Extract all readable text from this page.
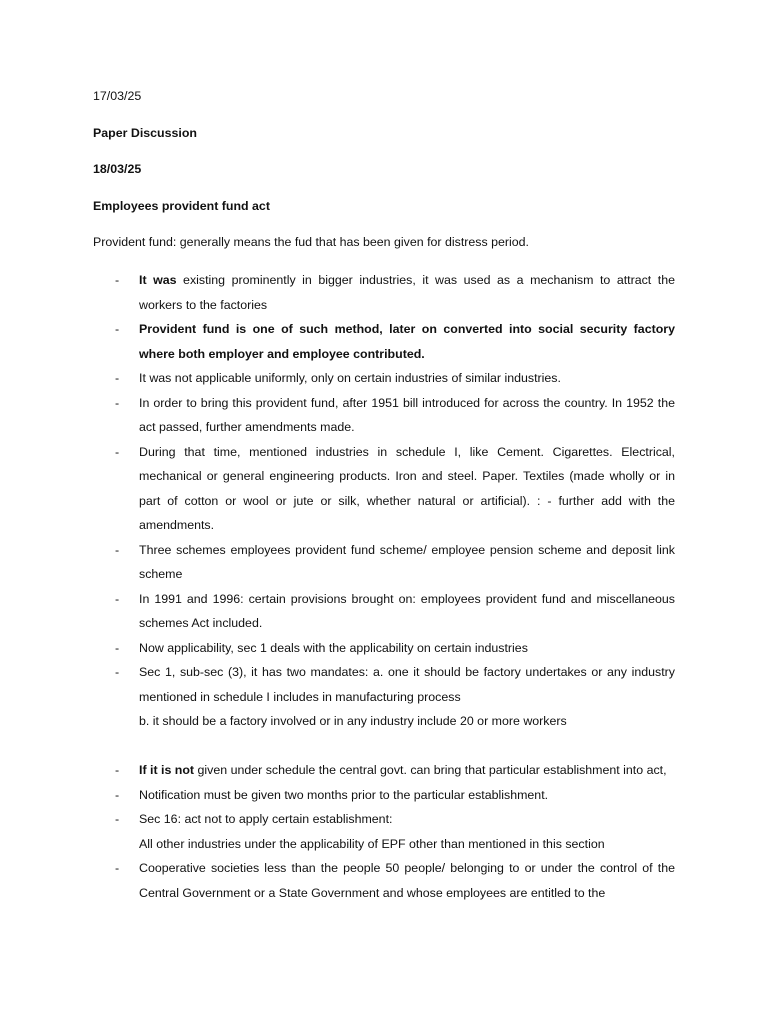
17/03/25

Paper Discussion

18/03/25

Employees provident fund act

Provident fund: generally means the fud that has been given for distress period.

- It was existing prominently in bigger industries, it was used as a mechanism to attract the workers to the factories
- Provident fund is one of such method, later on converted into social security factory where both employer and employee contributed.
- It was not applicable uniformly, only on certain industries of similar industries.
- In order to bring this provident fund, after 1951 bill introduced for across the country. In 1952 the act passed, further amendments made.
- During that time, mentioned industries in schedule I, like Cement. Cigarettes. Electrical, mechanical or general engineering products. Iron and steel. Paper. Textiles (made wholly or in part of cotton or wool or jute or silk, whether natural or artificial). : - further add with the amendments.
- Three schemes employees provident fund scheme/ employee pension scheme and deposit link scheme
- In 1991 and 1996: certain provisions brought on: employees provident fund and miscellaneous schemes Act included.
- Now applicability, sec 1 deals with the applicability on certain industries
- Sec 1, sub-sec (3), it has two mandates: a. one it should be factory undertakes or any industry mentioned in schedule I includes in manufacturing process
b. it should be a factory involved or in any industry include 20 or more workers
- If it is not given under schedule the central govt. can bring that particular establishment into act,
- Notification must be given two months prior to the particular establishment.
- Sec 16: act not to apply certain establishment:
All other industries under the applicability of EPF other than mentioned in this section
- Cooperative societies less than the people 50 people/ belonging to or under the control of the Central Government or a State Government and whose employees are entitled to the
